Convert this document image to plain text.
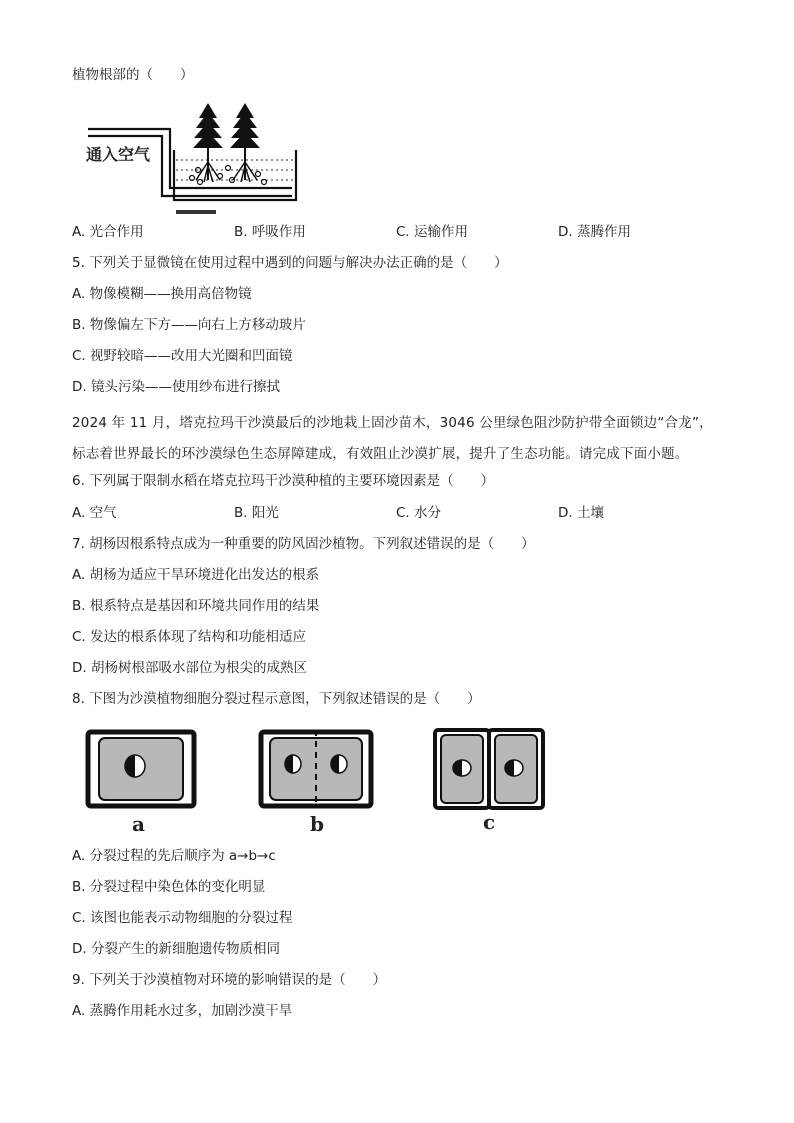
植物根部的（　　）
通入空气
A. 光合作用	B. 呼吸作用	C. 运输作用	D. 蒸腾作用
5. 下列关于显微镜在使用过程中遇到的问题与解决办法正确的是（　　）
A. 物像模糊——换用高倍物镜
B. 物像偏左下方——向右上方移动玻片
C. 视野较暗——改用大光圈和凹面镜
D. 镜头污染——使用纱布进行擦拭
2024 年 11 月，塔克拉玛干沙漠最后的沙地栽上固沙苗木，3046 公里绿色阻沙防护带全面锁边“合龙”，标志着世界最长的环沙漠绿色生态屏障建成，有效阻止沙漠扩展，提升了生态功能。请完成下面小题。
6. 下列属于限制水稻在塔克拉玛干沙漠种植的主要环境因素是（　　）
A. 空气	B. 阳光	C. 水分	D. 土壤
7. 胡杨因根系特点成为一种重要的防风固沙植物。下列叙述错误的是（　　）
A. 胡杨为适应干旱环境进化出发达的根系
B. 根系特点是基因和环境共同作用的结果
C. 发达的根系体现了结构和功能相适应
D. 胡杨树根部吸水部位为根尖的成熟区
8. 下图为沙漠植物细胞分裂过程示意图，下列叙述错误的是（　　）
a	b	c
A. 分裂过程的先后顺序为 a→b→c
B. 分裂过程中染色体的变化明显
C. 该图也能表示动物细胞的分裂过程
D. 分裂产生的新细胞遗传物质相同
9. 下列关于沙漠植物对环境的影响错误的是（　　）
A. 蒸腾作用耗水过多，加剧沙漠干旱
